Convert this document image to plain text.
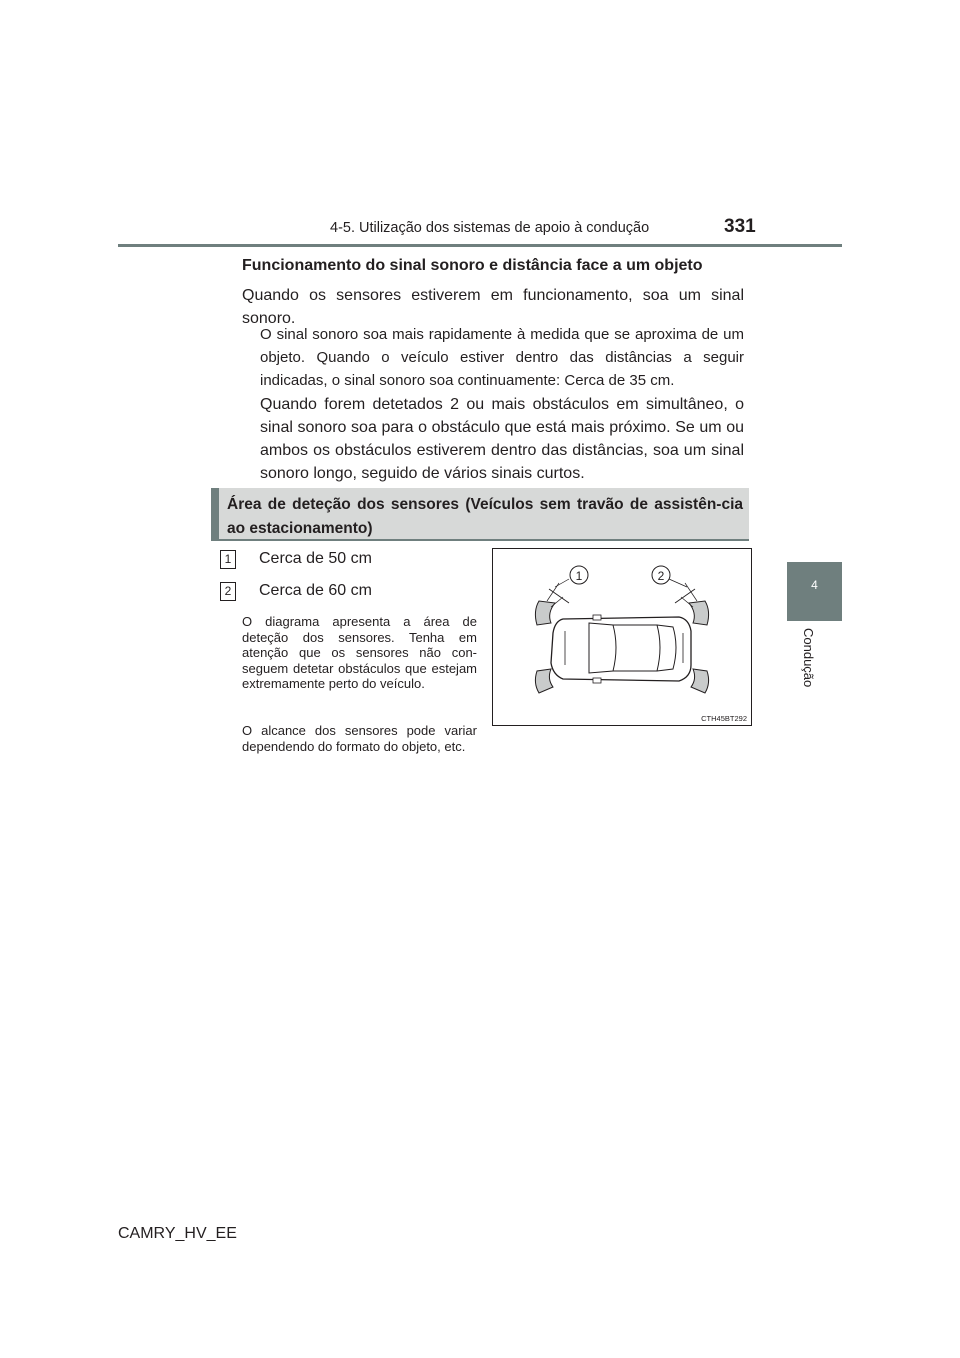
4-5. Utilização dos sistemas de apoio à condução	331
4
Condução
Funcionamento do sinal sonoro e distância face a um objeto
Quando os sensores estiverem em funcionamento, soa um sinal sonoro.
O sinal sonoro soa mais rapidamente à medida que se aproxima de um objeto. Quando o veículo estiver dentro das distâncias a seguir indicadas, o sinal sonoro soa continuamente: Cerca de 35 cm.
Quando forem detetados 2 ou mais obstáculos em simultâneo, o sinal sonoro soa para o obstáculo que está mais próximo. Se um ou ambos os obstáculos estiverem dentro das distâncias, soa um sinal sonoro longo, seguido de vários sinais curtos.
Área de deteção dos sensores (Veículos sem travão de assistên-cia ao estacionamento)
1 Cerca de 50 cm
2 Cerca de 60 cm
O diagrama apresenta a área de deteção dos sensores. Tenha em atenção que os sensores não con-seguem detetar obstáculos que estejam extremamente perto do veículo.
O alcance dos sensores pode variar dependendo do formato do objeto, etc.
1	2
CTH45BT292
CAMRY_HV_EE
